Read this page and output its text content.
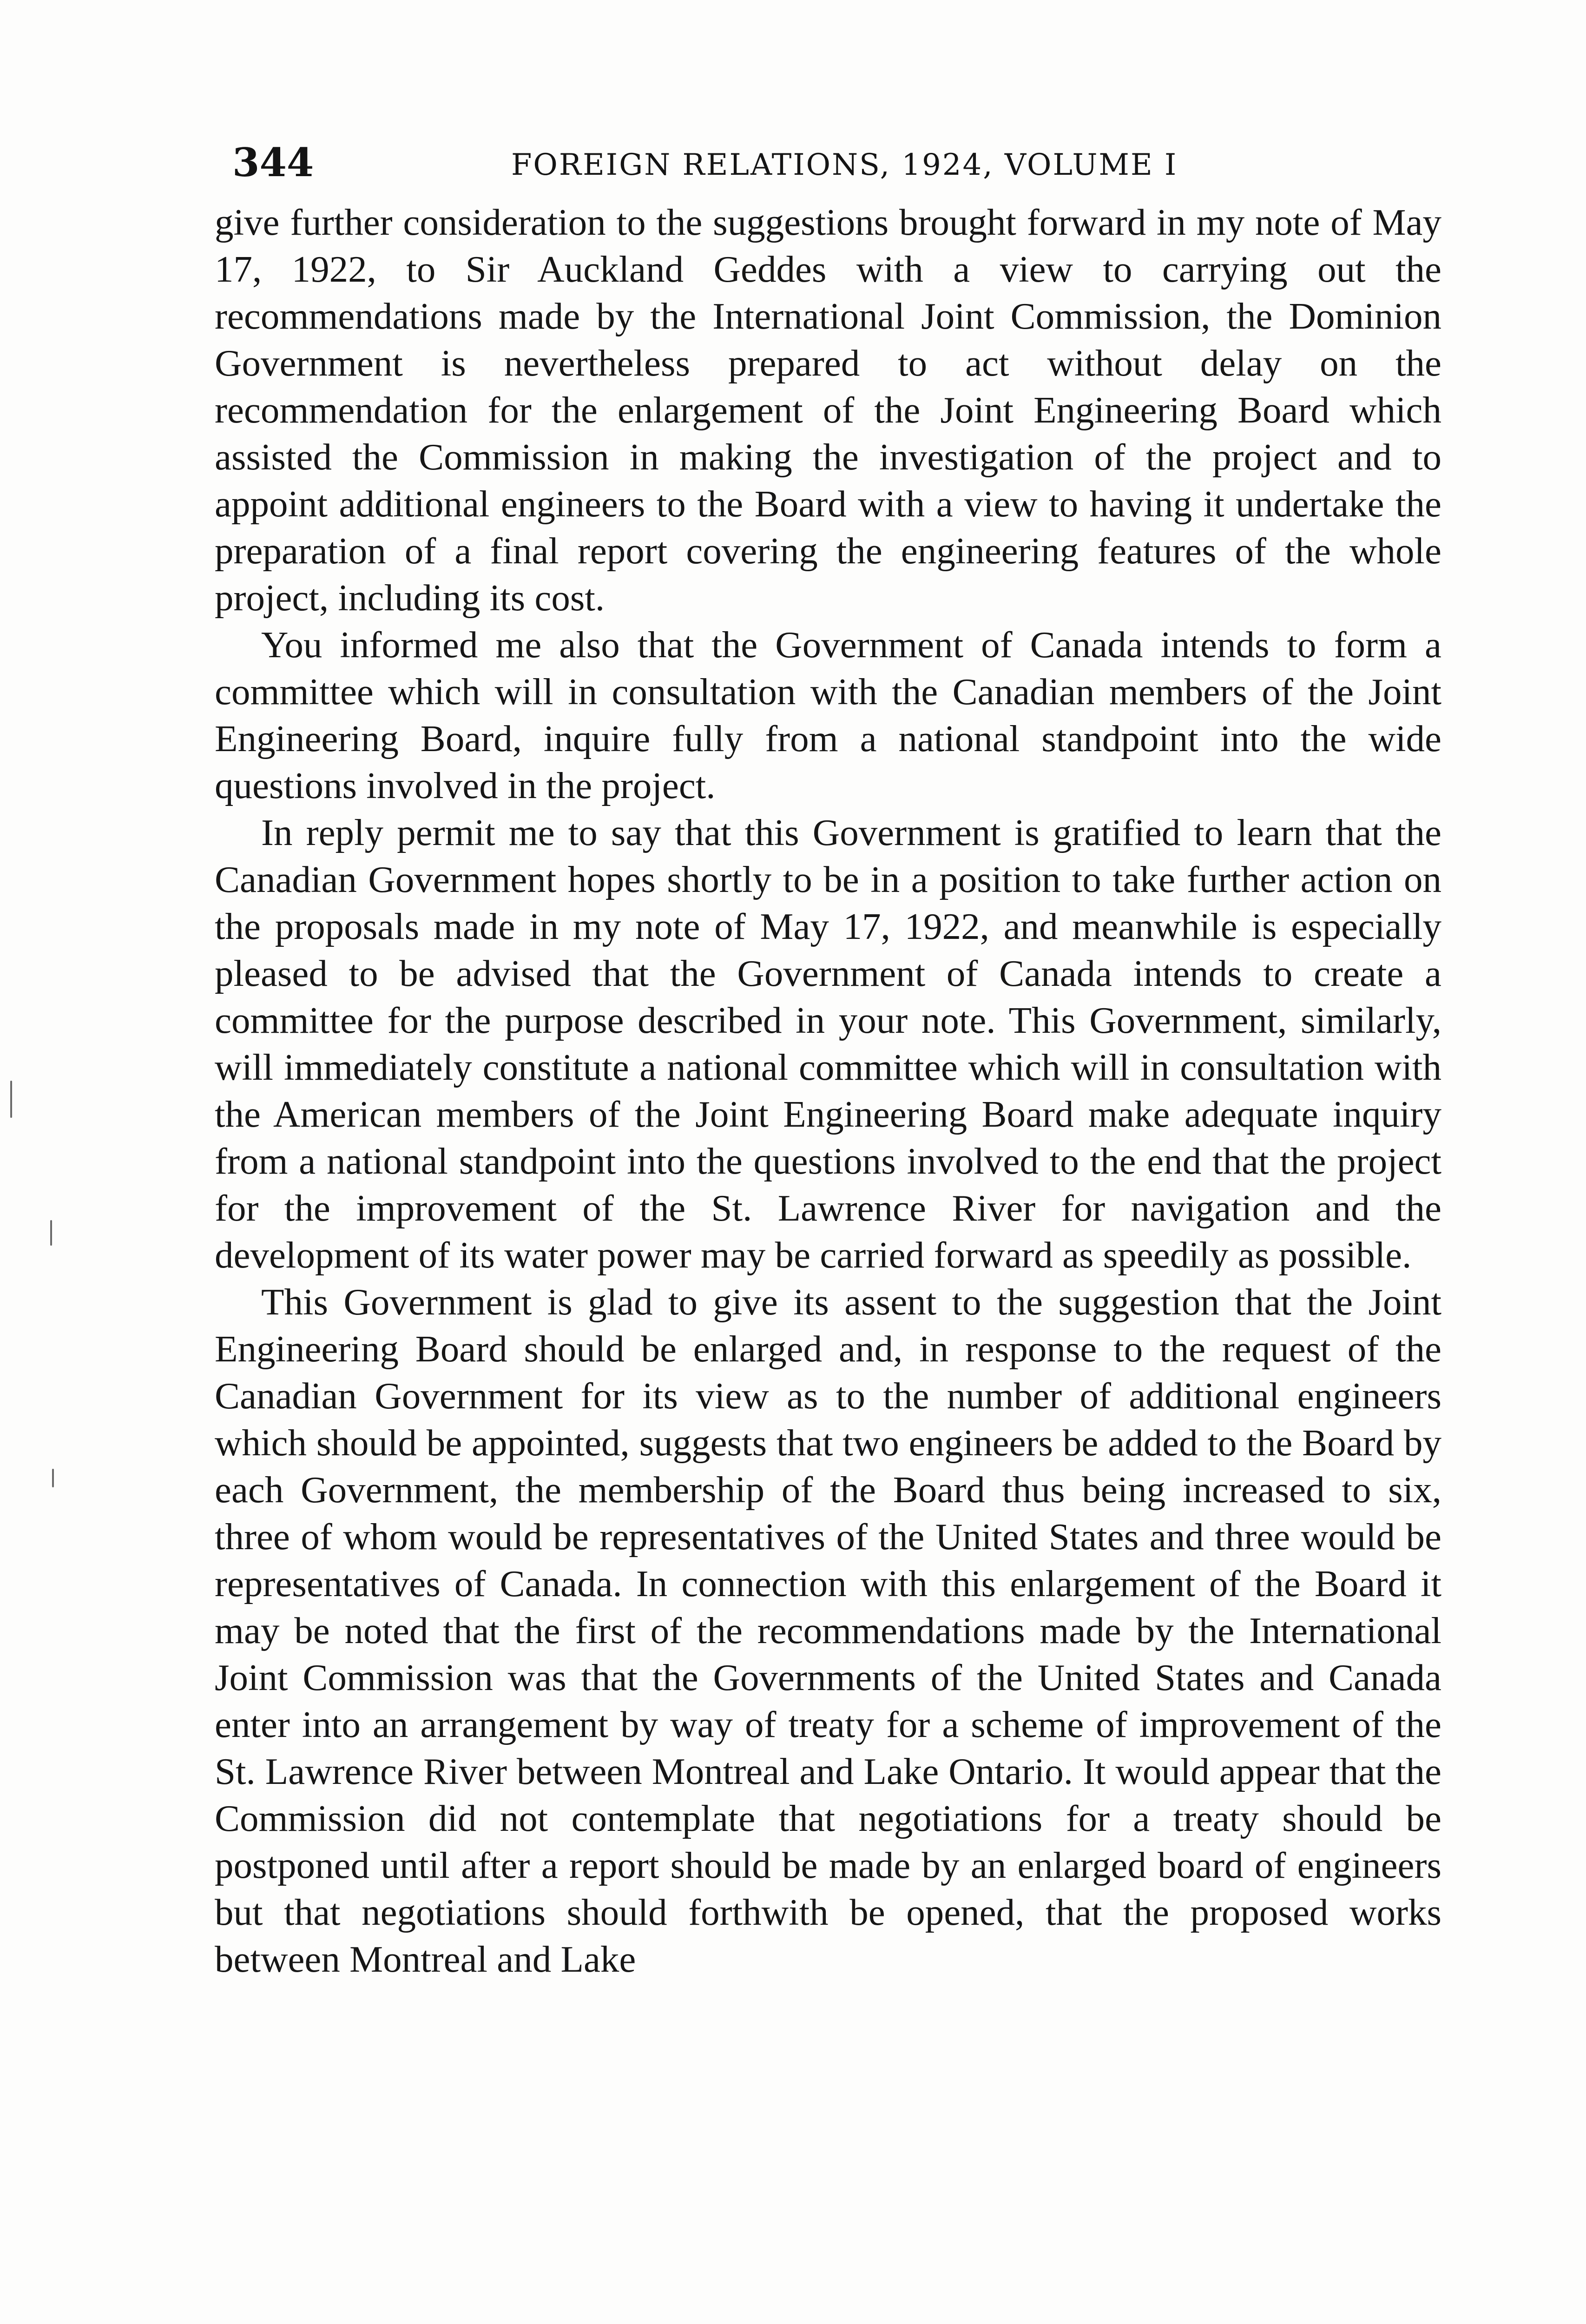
344	FOREIGN RELATIONS, 1924, VOLUME I

give further consideration to the suggestions brought forward in my note of May 17, 1922, to Sir Auckland Geddes with a view to carrying out the recommendations made by the International Joint Commission, the Dominion Government is nevertheless prepared to act without delay on the recommendation for the enlargement of the Joint Engineering Board which assisted the Commission in making the investigation of the project and to appoint additional engineers to the Board with a view to having it undertake the preparation of a final report covering the engineering features of the whole project, including its cost.

You informed me also that the Government of Canada intends to form a committee which will in consultation with the Canadian members of the Joint Engineering Board, inquire fully from a national standpoint into the wide questions involved in the project.

In reply permit me to say that this Government is gratified to learn that the Canadian Government hopes shortly to be in a position to take further action on the proposals made in my note of May 17, 1922, and meanwhile is especially pleased to be advised that the Government of Canada intends to create a committee for the purpose described in your note. This Government, similarly, will immediately constitute a national committee which will in consultation with the American members of the Joint Engineering Board make adequate inquiry from a national standpoint into the questions involved to the end that the project for the improvement of the St. Lawrence River for navigation and the development of its water power may be carried forward as speedily as possible.

This Government is glad to give its assent to the suggestion that the Joint Engineering Board should be enlarged and, in response to the request of the Canadian Government for its view as to the number of additional engineers which should be appointed, suggests that two engineers be added to the Board by each Government, the membership of the Board thus being increased to six, three of whom would be representatives of the United States and three would be representatives of Canada. In connection with this enlargement of the Board it may be noted that the first of the recommendations made by the International Joint Commission was that the Governments of the United States and Canada enter into an arrangement by way of treaty for a scheme of improvement of the St. Lawrence River between Montreal and Lake Ontario. It would appear that the Commission did not contemplate that negotiations for a treaty should be postponed until after a report should be made by an enlarged board of engineers but that negotiations should forthwith be opened, that the proposed works between Montreal and Lake
